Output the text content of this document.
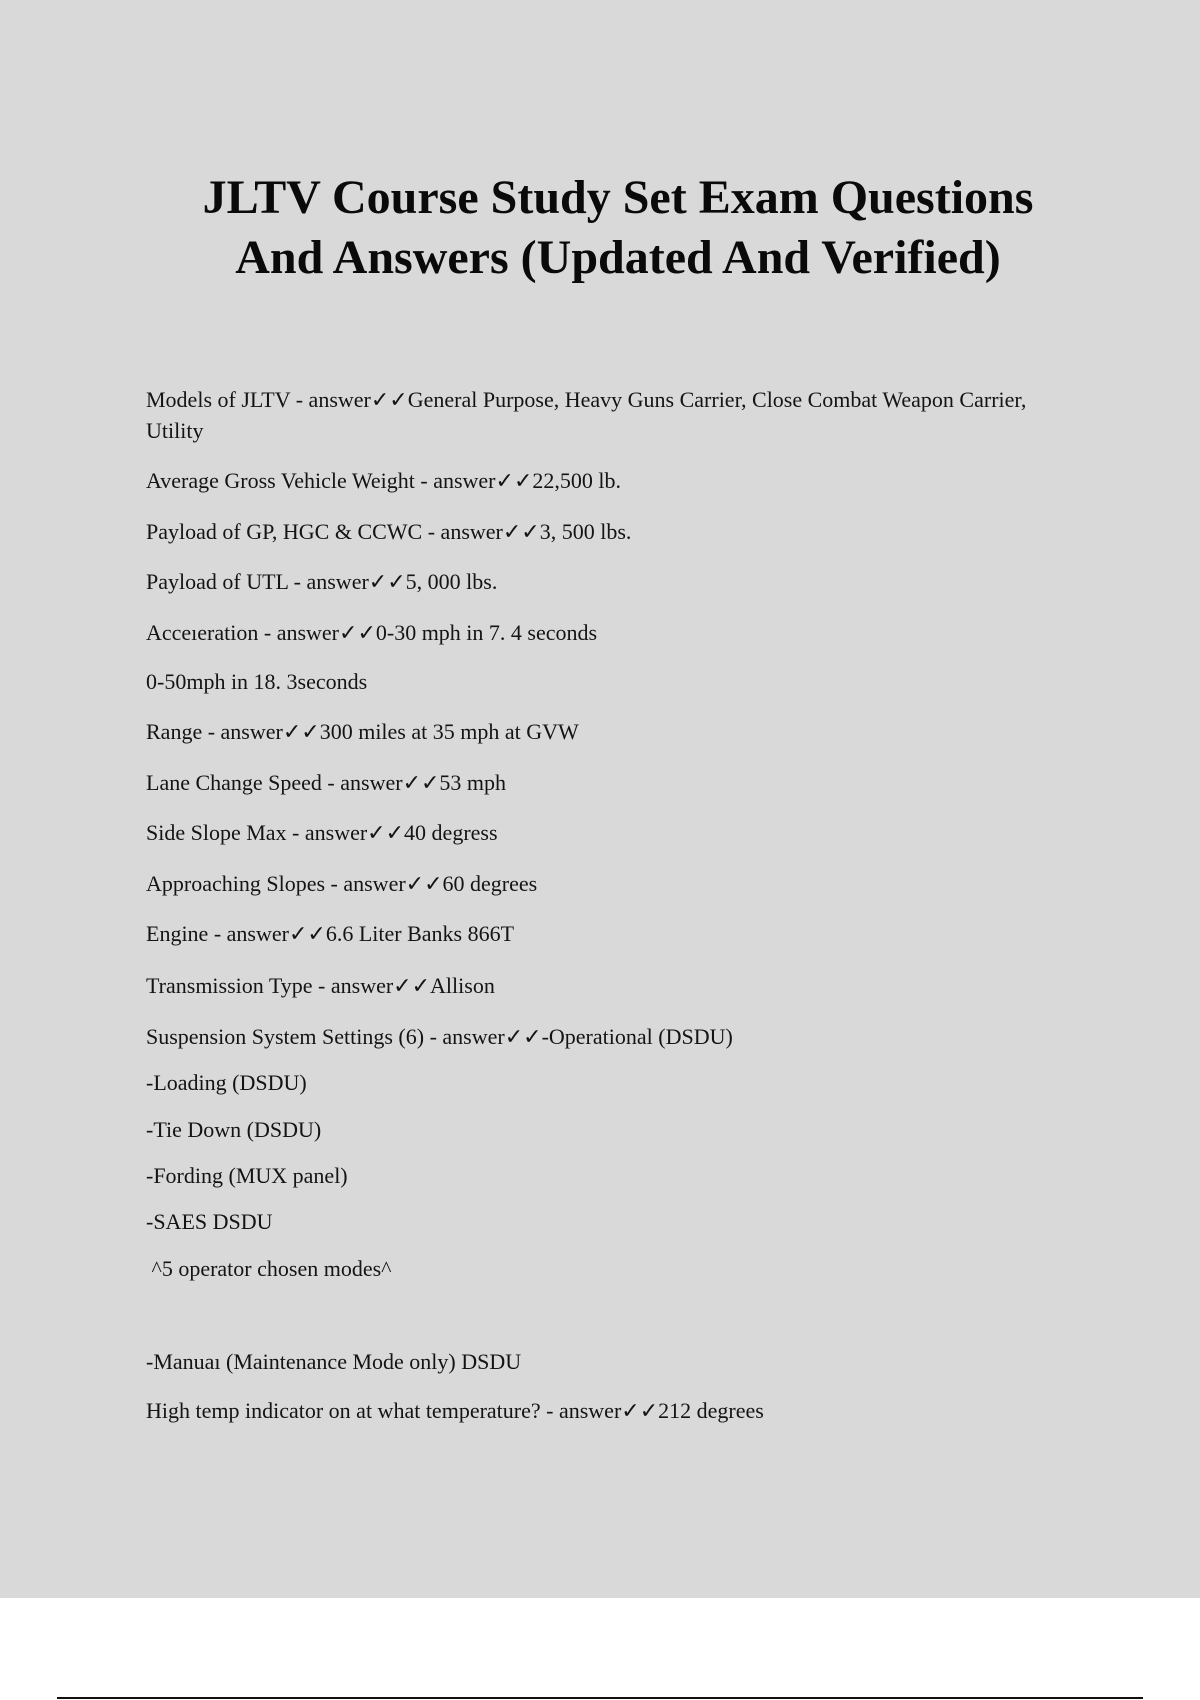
JLTV Course Study Set Exam Questions
And Answers (Updated And Verified)

Models of JLTV - answer✓✓General Purpose, Heavy Guns Carrier, Close Combat Weapon Carrier, Utility

Average Gross Vehicle Weight - answer✓✓22,500 lb.

Payload of GP, HGC & CCWC - answer✓✓3, 500 lbs.

Payload of UTL - answer✓✓5, 000 lbs.

Acceıeration - answer✓✓0-30 mph in 7. 4 seconds

0-50mph in 18. 3seconds

Range - answer✓✓300 miles at 35 mph at GVW

Lane Change Speed - answer✓✓53 mph

Side Slope Max - answer✓✓40 degress

Approaching Slopes - answer✓✓60 degrees

Engine - answer✓✓6.6 Liter Banks 866T

Transmission Type - answer✓✓Allison

Suspension System Settings (6) - answer✓✓-Operational (DSDU)

-Loading (DSDU)

-Tie Down (DSDU)

-Fording (MUX panel)

-SAES DSDU

^5 operator chosen modes^

-Manuaı (Maintenance Mode only) DSDU

High temp indicator on at what temperature? - answer✓✓212 degrees
